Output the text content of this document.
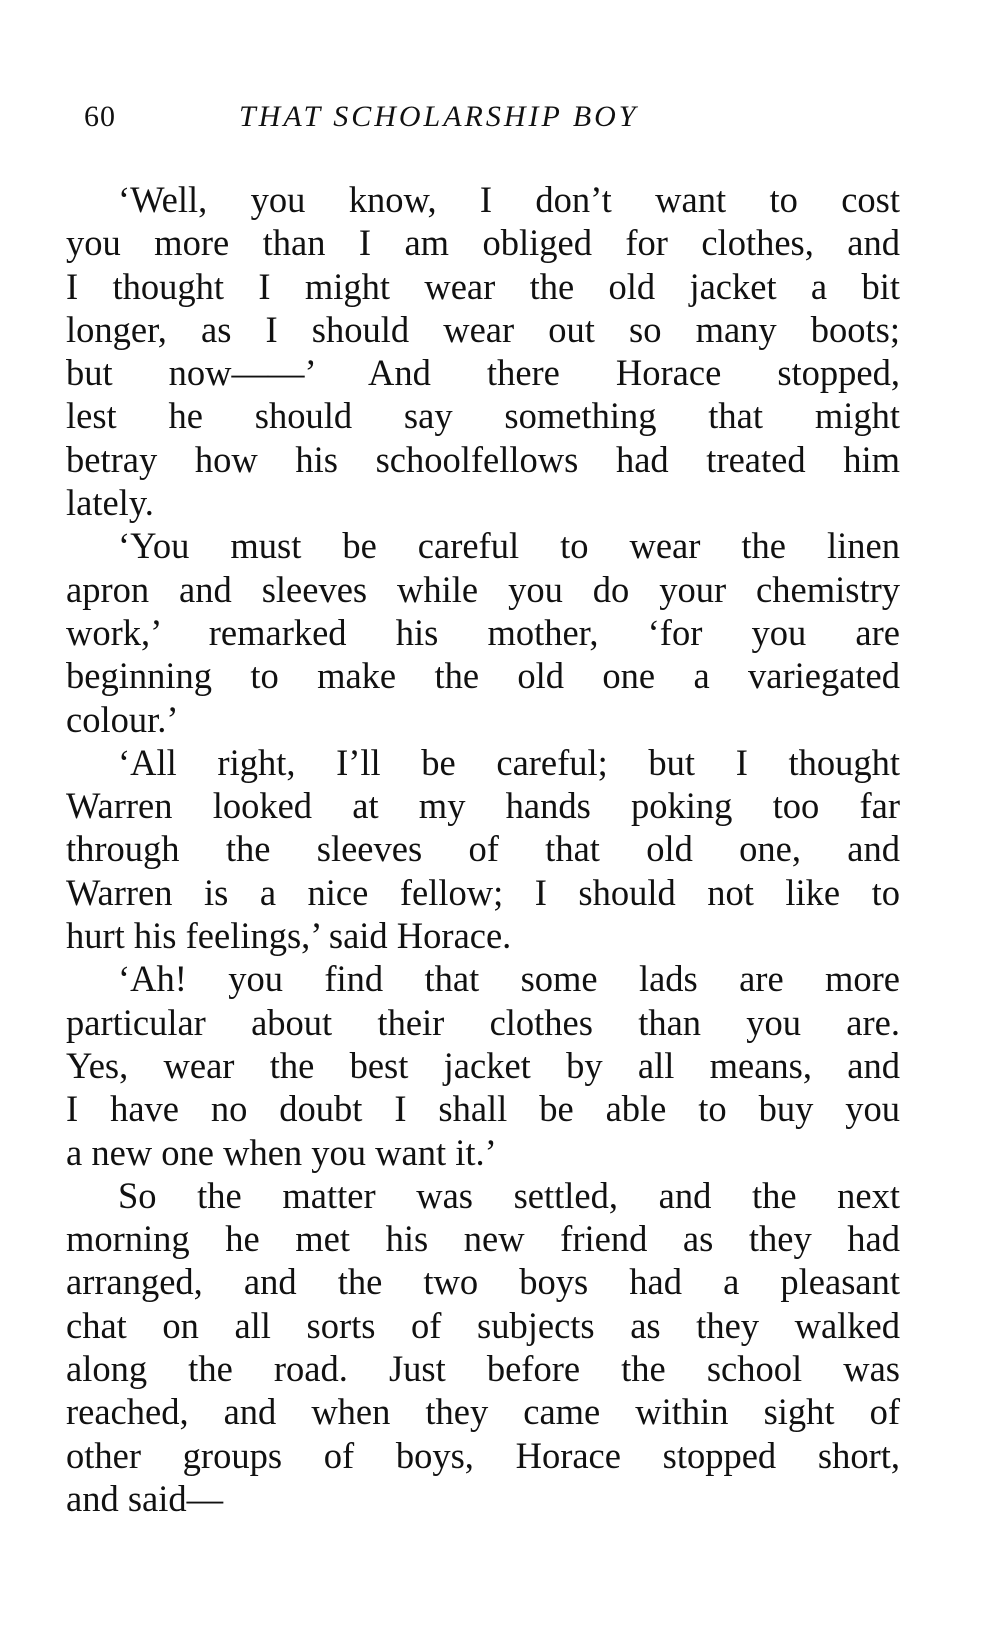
60	THAT SCHOLARSHIP BOY
‘Well, you know, I don’t want to cost
you more than I am obliged for clothes, and
I thought I might wear the old jacket a bit
longer, as I should wear out so many boots;
but now——’ And there Horace stopped,
lest he should say something that might
betray how his schoolfellows had treated him
lately.
‘You must be careful to wear the linen
apron and sleeves while you do your chemistry
work,’ remarked his mother, ‘for you are
beginning to make the old one a variegated
colour.’
‘All right, I’ll be careful; but I thought
Warren looked at my hands poking too far
through the sleeves of that old one, and
Warren is a nice fellow; I should not like to
hurt his feelings,’ said Horace.
‘Ah! you find that some lads are more
particular about their clothes than you are.
Yes, wear the best jacket by all means, and
I have no doubt I shall be able to buy you
a new one when you want it.’
So the matter was settled, and the next
morning he met his new friend as they had
arranged, and the two boys had a pleasant
chat on all sorts of subjects as they walked
along the road. Just before the school was
reached, and when they came within sight of
other groups of boys, Horace stopped short,
and said—
